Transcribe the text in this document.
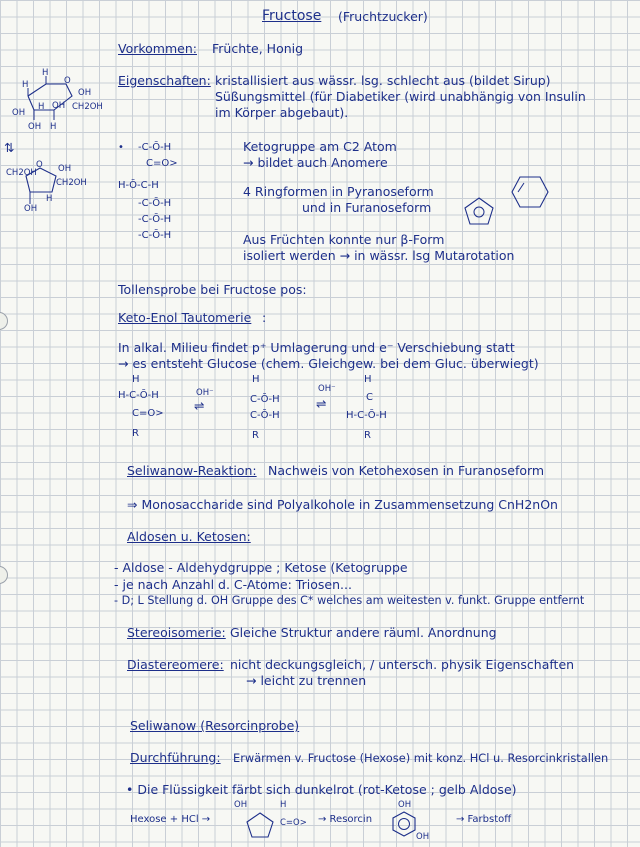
Fructose (Fruchtzucker)
Vorkommen: Früchte, Honig
Eigenschaften: kristallisiert aus wässr. lsg. schlecht aus (bildet Sirup)
Süßungsmittel (für Diabetiker (wird unabhängig von Insulin
im Körper abgebaut).
H
O
OH
H
OH CH2OH
OH
H
OH H
⇅
CH2OH
O OH
CH2OH
OH
H
• -C-Ō-H
C=O>
H-Ō-C-H
-C-Ō-H
-C-Ō-H
-C-Ō-H
Ketogruppe am C2 Atom
→ bildet auch Anomere
4 Ringformen in Pyranoseform
und in Furanoseform
Aus Früchten konnte nur β-Form
isoliert werden → in wässr. lsg Mutarotation
Tollensprobe bei Fructose pos:
Keto-Enol Tautomerie :
In alkal. Milieu findet p⁺ Umlagerung und e⁻ Verschiebung statt
→ es entsteht Glucose (chem. Gleichgew. bei dem Gluc. überwiegt)
H
H-C-Ō-H
C=O>
R
OH⁻
⇌
H
C-Ō-H
C-Ō-H
R
OH⁻
⇌
H
C
H-C-Ō-H
R
Seliwanow-Reaktion: Nachweis von Ketohexosen in Furanoseform
⇒ Monosaccharide sind Polyalkohole in Zusammensetzung CnH2nOn
Aldosen u. Ketosen:
- Aldose - Aldehydgruppe ; Ketose (Ketogruppe
- je nach Anzahl d. C-Atome: Triosen...
- D; L Stellung d. OH Gruppe des C* welches am weitesten v. funkt. Gruppe entfernt
Stereoisomerie: Gleiche Struktur andere räuml. Anordnung
Diastereomere: nicht deckungsgleich, / untersch. physik Eigenschaften
→ leicht zu trennen
Seliwanow (Resorcinprobe)
Durchführung: Erwärmen v. Fructose (Hexose) mit konz. HCl u. Resorcinkristallen
• Die Flüssigkeit färbt sich dunkelrot (rot-Ketose ; gelb Aldose)
Hexose + HCl →
OH	H
C=O> → Resorcin
OH
OH
→ Farbstoff
